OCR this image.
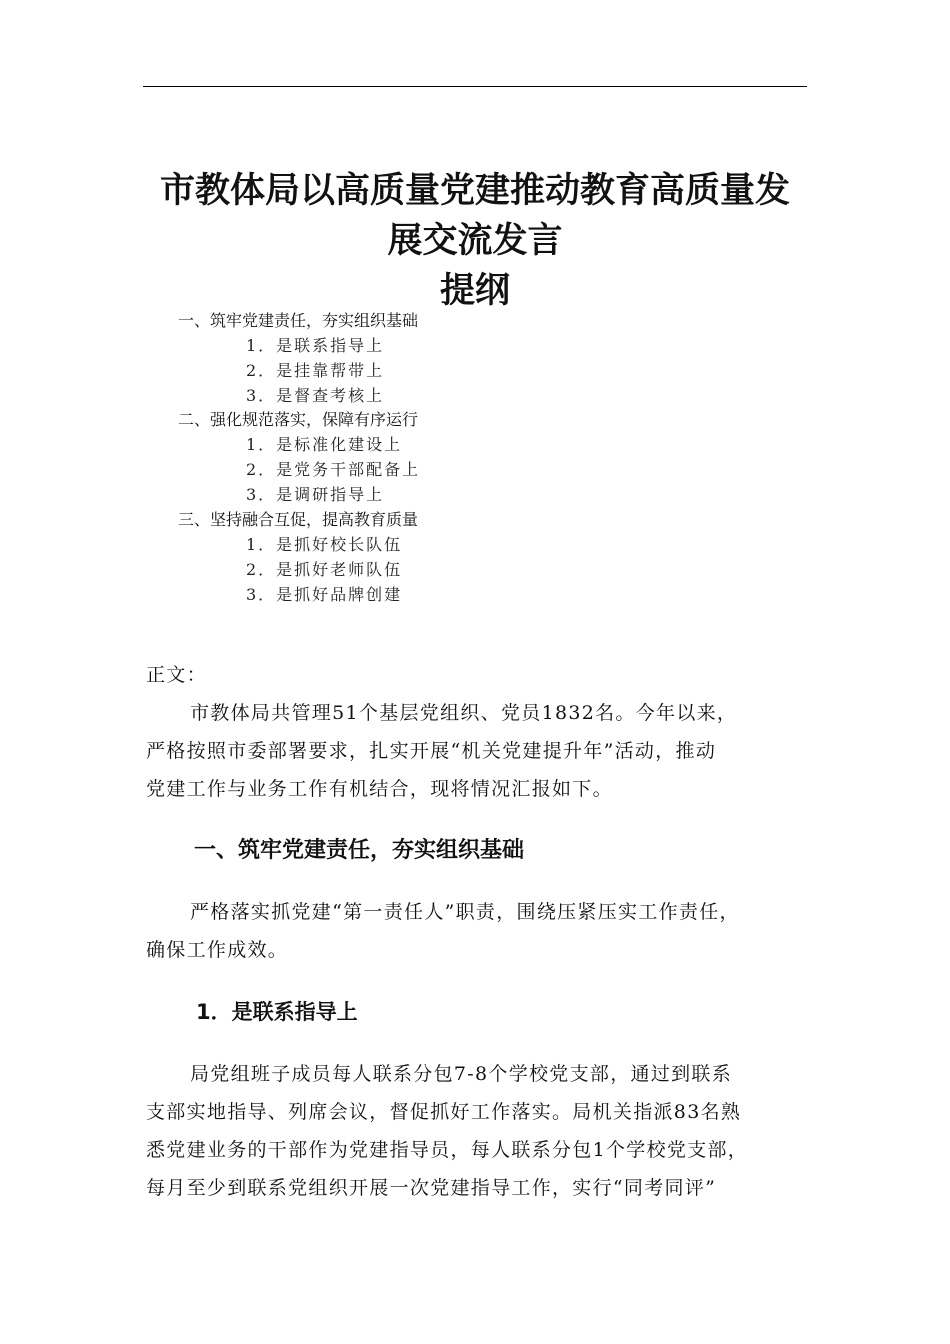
市教体局以高质量党建推动教育高质量发
展交流发言
提纲
一、筑牢党建责任，夯实组织基础
1．是联系指导上
2．是挂靠帮带上
3．是督查考核上
二、强化规范落实，保障有序运行
1．是标准化建设上
2．是党务干部配备上
3．是调研指导上
三、坚持融合互促，提高教育质量
1．是抓好校长队伍
2．是抓好老师队伍
3．是抓好品牌创建
正文：
市教体局共管理51个基层党组织、党员1832名。今年以来，
严格按照市委部署要求，扎实开展“机关党建提升年”活动，推动
党建工作与业务工作有机结合，现将情况汇报如下。
一、筑牢党建责任，夯实组织基础
严格落实抓党建“第一责任人”职责，围绕压紧压实工作责任，
确保工作成效。
1．是联系指导上
局党组班子成员每人联系分包7-8个学校党支部，通过到联系
支部实地指导、列席会议，督促抓好工作落实。局机关指派83名熟
悉党建业务的干部作为党建指导员，每人联系分包1个学校党支部，
每月至少到联系党组织开展一次党建指导工作，实行“同考同评”
